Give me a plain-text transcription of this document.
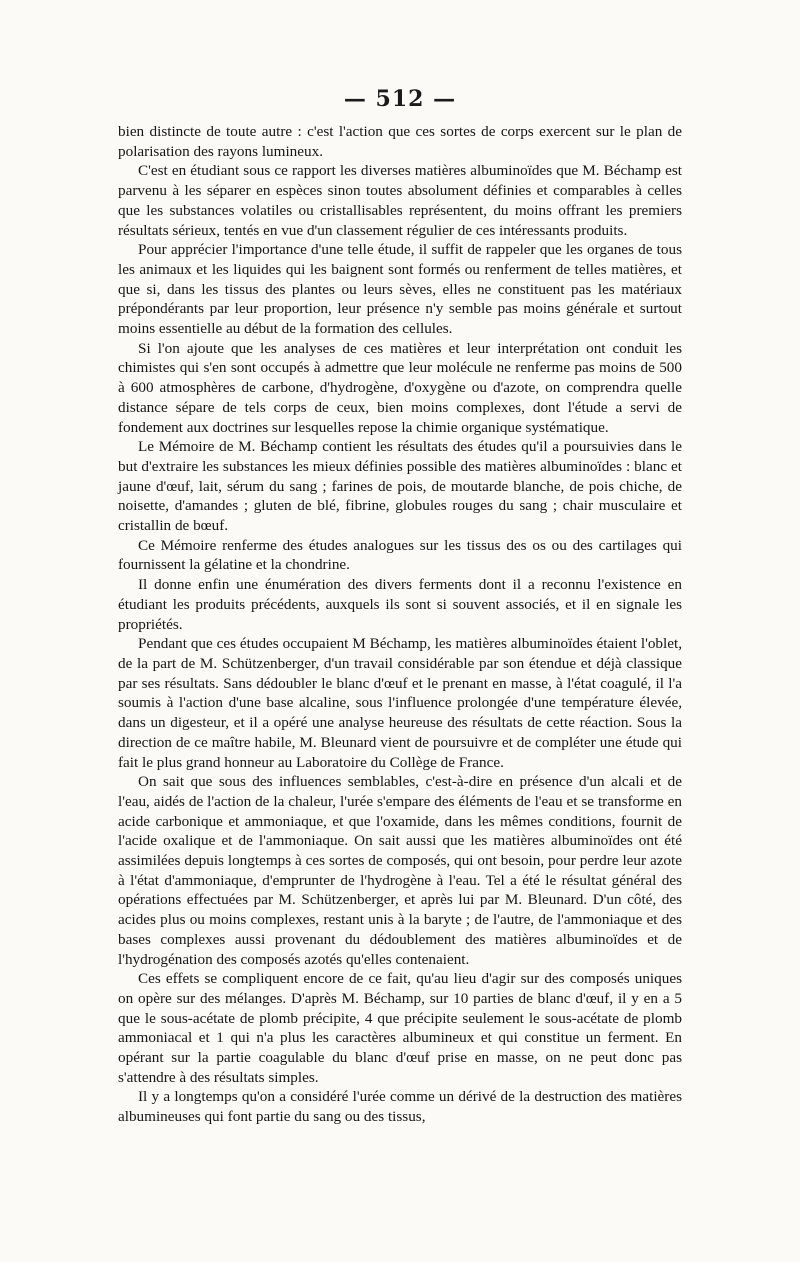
— 512 —

bien distincte de toute autre : c'est l'action que ces sortes de corps exercent sur le plan de polarisation des rayons lumineux.

C'est en étudiant sous ce rapport les diverses matières albuminoïdes que M. Béchamp est parvenu à les séparer en espèces sinon toutes absolument définies et comparables à celles que les substances volatiles ou cristallisables représentent, du moins offrant les premiers résultats sérieux, tentés en vue d'un classement régulier de ces intéressants produits.

Pour apprécier l'importance d'une telle étude, il suffit de rappeler que les organes de tous les animaux et les liquides qui les baignent sont formés ou renferment de telles matières, et que si, dans les tissus des plantes ou leurs sèves, elles ne constituent pas les matériaux prépondérants par leur proportion, leur présence n'y semble pas moins générale et surtout moins essentielle au début de la formation des cellules.

Si l'on ajoute que les analyses de ces matières et leur interprétation ont conduit les chimistes qui s'en sont occupés à admettre que leur molécule ne renferme pas moins de 500 à 600 atmosphères de carbone, d'hydrogène, d'oxygène ou d'azote, on comprendra quelle distance sépare de tels corps de ceux, bien moins complexes, dont l'étude a servi de fondement aux doctrines sur lesquelles repose la chimie organique systématique.

Le Mémoire de M. Béchamp contient les résultats des études qu'il a poursuivies dans le but d'extraire les substances les mieux définies possible des matières albuminoïdes : blanc et jaune d'œuf, lait, sérum du sang ; farines de pois, de moutarde blanche, de pois chiche, de noisette, d'amandes ; gluten de blé, fibrine, globules rouges du sang ; chair musculaire et cristallin de bœuf.

Ce Mémoire renferme des études analogues sur les tissus des os ou des cartilages qui fournissent la gélatine et la chondrine.

Il donne enfin une énumération des divers ferments dont il a reconnu l'existence en étudiant les produits précédents, auxquels ils sont si souvent associés, et il en signale les propriétés.

Pendant que ces études occupaient M Béchamp, les matières albuminoïdes étaient l'oblet, de la part de M. Schützenberger, d'un travail considérable par son étendue et déjà classique par ses résultats. Sans dédoubler le blanc d'œuf et le prenant en masse, à l'état coagulé, il l'a soumis à l'action d'une base alcaline, sous l'influence prolongée d'une température élevée, dans un digesteur, et il a opéré une analyse heureuse des résultats de cette réaction. Sous la direction de ce maître habile, M. Bleunard vient de poursuivre et de compléter une étude qui fait le plus grand honneur au Laboratoire du Collège de France.

On sait que sous des influences semblables, c'est-à-dire en présence d'un alcali et de l'eau, aidés de l'action de la chaleur, l'urée s'empare des éléments de l'eau et se transforme en acide carbonique et ammoniaque, et que l'oxamide, dans les mêmes conditions, fournit de l'acide oxalique et de l'ammoniaque. On sait aussi que les matières albuminoïdes ont été assimilées depuis longtemps à ces sortes de composés, qui ont besoin, pour perdre leur azote à l'état d'ammoniaque, d'emprunter de l'hydrogène à l'eau. Tel a été le résultat général des opérations effectuées par M. Schützenberger, et après lui par M. Bleunard. D'un côté, des acides plus ou moins complexes, restant unis à la baryte ; de l'autre, de l'ammoniaque et des bases complexes aussi provenant du dédoublement des matières albuminoïdes et de l'hydrogénation des composés azotés qu'elles contenaient.

Ces effets se compliquent encore de ce fait, qu'au lieu d'agir sur des composés uniques on opère sur des mélanges. D'après M. Béchamp, sur 10 parties de blanc d'œuf, il y en a 5 que le sous-acétate de plomb précipite, 4 que précipite seulement le sous-acétate de plomb ammoniacal et 1 qui n'a plus les caractères albumineux et qui constitue un ferment. En opérant sur la partie coagulable du blanc d'œuf prise en masse, on ne peut donc pas s'attendre à des résultats simples.

Il y a longtemps qu'on a considéré l'urée comme un dérivé de la destruction des matières albumineuses qui font partie du sang ou des tissus,
